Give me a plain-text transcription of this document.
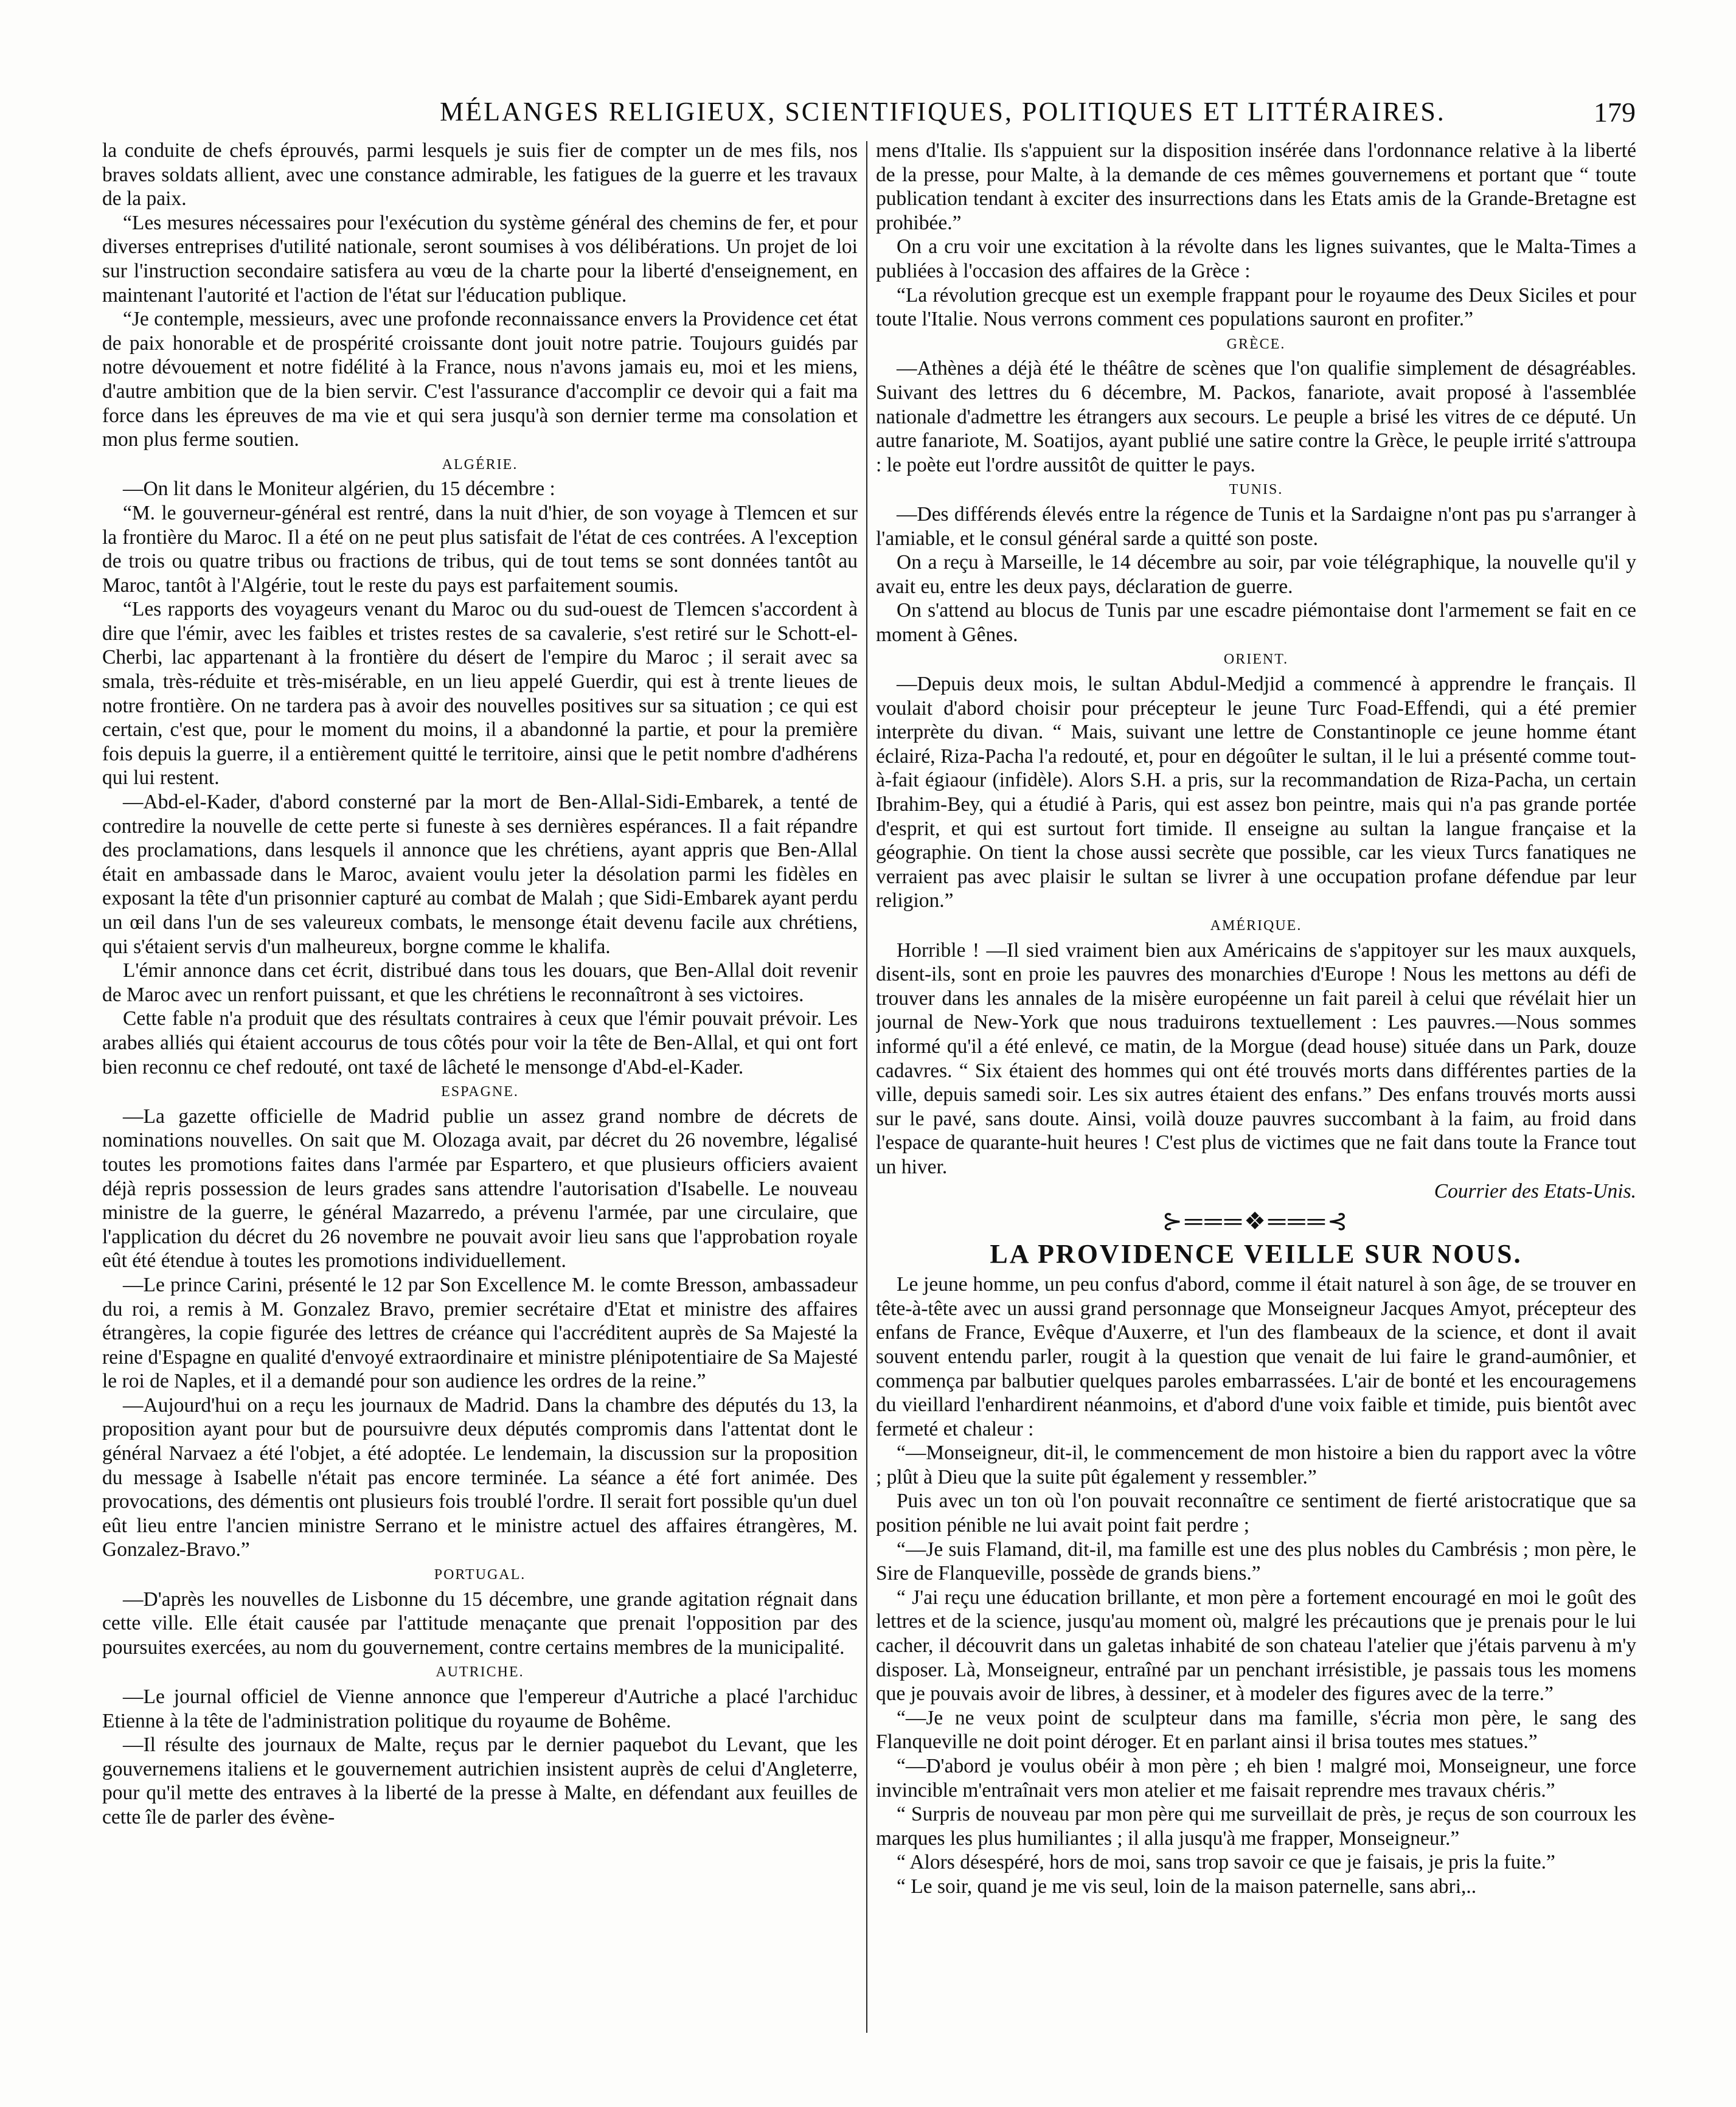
MÉLANGES RELIGIEUX, SCIENTIFIQUES, POLITIQUES ET LITTÉRAIRES.	179

la conduite de chefs éprouvés, parmi lesquels je suis fier de compter un de mes fils, nos braves soldats allient, avec une constance admirable, les fatigues de la guerre et les travaux de la paix.

“Les mesures nécessaires pour l'exécution du système général des chemins de fer, et pour diverses entreprises d'utilité nationale, seront soumises à vos délibérations. Un projet de loi sur l'instruction secondaire satisfera au vœu de la charte pour la liberté d'enseignement, en maintenant l'autorité et l'action de l'état sur l'éducation publique.

“Je contemple, messieurs, avec une profonde reconnaissance envers la Providence cet état de paix honorable et de prospérité croissante dont jouit notre patrie. Toujours guidés par notre dévouement et notre fidélité à la France, nous n'avons jamais eu, moi et les miens, d'autre ambition que de la bien servir. C'est l'assurance d'accomplir ce devoir qui a fait ma force dans les épreuves de ma vie et qui sera jusqu'à son dernier terme ma consolation et mon plus ferme soutien.

ALGÉRIE.

—On lit dans le Moniteur algérien, du 15 décembre :

“M. le gouverneur-général est rentré, dans la nuit d'hier, de son voyage à Tlemcen et sur la frontière du Maroc. Il a été on ne peut plus satisfait de l'état de ces contrées. A l'exception de trois ou quatre tribus ou fractions de tribus, qui de tout tems se sont données tantôt au Maroc, tantôt à l'Algérie, tout le reste du pays est parfaitement soumis.

“Les rapports des voyageurs venant du Maroc ou du sud-ouest de Tlemcen s'accordent à dire que l'émir, avec les faibles et tristes restes de sa cavalerie, s'est retiré sur le Schott-el-Cherbi, lac appartenant à la frontière du désert de l'empire du Maroc ; il serait avec sa smala, très-réduite et très-misérable, en un lieu appelé Guerdir, qui est à trente lieues de notre frontière. On ne tardera pas à avoir des nouvelles positives sur sa situation ; ce qui est certain, c'est que, pour le moment du moins, il a abandonné la partie, et pour la première fois depuis la guerre, il a entièrement quitté le territoire, ainsi que le petit nombre d'adhérens qui lui restent.

—Abd-el-Kader, d'abord consterné par la mort de Ben-Allal-Sidi-Embarek, a tenté de contredire la nouvelle de cette perte si funeste à ses dernières espérances. Il a fait répandre des proclamations, dans lesquels il annonce que les chrétiens, ayant appris que Ben-Allal était en ambassade dans le Maroc, avaient voulu jeter la désolation parmi les fidèles en exposant la tête d'un prisonnier capturé au combat de Malah ; que Sidi-Embarek ayant perdu un œil dans l'un de ses valeureux combats, le mensonge était devenu facile aux chrétiens, qui s'étaient servis d'un malheureux, borgne comme le khalifa.

L'émir annonce dans cet écrit, distribué dans tous les douars, que Ben-Allal doit revenir de Maroc avec un renfort puissant, et que les chrétiens le reconnaîtront à ses victoires.

Cette fable n'a produit que des résultats contraires à ceux que l'émir pouvait prévoir. Les arabes alliés qui étaient accourus de tous côtés pour voir la tête de Ben-Allal, et qui ont fort bien reconnu ce chef redouté, ont taxé de lâcheté le mensonge d'Abd-el-Kader.

ESPAGNE.

—La gazette officielle de Madrid publie un assez grand nombre de décrets de nominations nouvelles. On sait que M. Olozaga avait, par décret du 26 novembre, légalisé toutes les promotions faites dans l'armée par Espartero, et que plusieurs officiers avaient déjà repris possession de leurs grades sans attendre l'autorisation d'Isabelle. Le nouveau ministre de la guerre, le général Mazarredo, a prévenu l'armée, par une circulaire, que l'application du décret du 26 novembre ne pouvait avoir lieu sans que l'approbation royale eût été étendue à toutes les promotions individuellement.

—Le prince Carini, présenté le 12 par Son Excellence M. le comte Bresson, ambassadeur du roi, a remis à M. Gonzalez Bravo, premier secrétaire d'Etat et ministre des affaires étrangères, la copie figurée des lettres de créance qui l'accréditent auprès de Sa Majesté la reine d'Espagne en qualité d'envoyé extraordinaire et ministre plénipotentiaire de Sa Majesté le roi de Naples, et il a demandé pour son audience les ordres de la reine.”

—Aujourd'hui on a reçu les journaux de Madrid. Dans la chambre des députés du 13, la proposition ayant pour but de poursuivre deux députés compromis dans l'attentat dont le général Narvaez a été l'objet, a été adoptée. Le lendemain, la discussion sur la proposition du message à Isabelle n'était pas encore terminée. La séance a été fort animée. Des provocations, des démentis ont plusieurs fois troublé l'ordre. Il serait fort possible qu'un duel eût lieu entre l'ancien ministre Serrano et le ministre actuel des affaires étrangères, M. Gonzalez-Bravo.”

PORTUGAL.

—D'après les nouvelles de Lisbonne du 15 décembre, une grande agitation régnait dans cette ville. Elle était causée par l'attitude menaçante que prenait l'opposition par des poursuites exercées, au nom du gouvernement, contre certains membres de la municipalité.

AUTRICHE.

—Le journal officiel de Vienne annonce que l'empereur d'Autriche a placé l'archiduc Etienne à la tête de l'administration politique du royaume de Bohême.

—Il résulte des journaux de Malte, reçus par le dernier paquebot du Levant, que les gouvernemens italiens et le gouvernement autrichien insistent auprès de celui d'Angleterre, pour qu'il mette des entraves à la liberté de la presse à Malte, en défendant aux feuilles de cette île de parler des évène-

mens d'Italie. Ils s'appuient sur la disposition insérée dans l'ordonnance relative à la liberté de la presse, pour Malte, à la demande de ces mêmes gouvernemens et portant que “ toute publication tendant à exciter des insurrections dans les Etats amis de la Grande-Bretagne est prohibée.”

On a cru voir une excitation à la révolte dans les lignes suivantes, que le Malta-Times a publiées à l'occasion des affaires de la Grèce :

“La révolution grecque est un exemple frappant pour le royaume des Deux Siciles et pour toute l'Italie. Nous verrons comment ces populations sauront en profiter.”

GRÈCE.

—Athènes a déjà été le théâtre de scènes que l'on qualifie simplement de désagréables. Suivant des lettres du 6 décembre, M. Packos, fanariote, avait proposé à l'assemblée nationale d'admettre les étrangers aux secours. Le peuple a brisé les vitres de ce député. Un autre fanariote, M. Soatijos, ayant publié une satire contre la Grèce, le peuple irrité s'attroupa : le poète eut l'ordre aussitôt de quitter le pays.

TUNIS.

—Des différends élevés entre la régence de Tunis et la Sardaigne n'ont pas pu s'arranger à l'amiable, et le consul général sarde a quitté son poste.

On a reçu à Marseille, le 14 décembre au soir, par voie télégraphique, la nouvelle qu'il y avait eu, entre les deux pays, déclaration de guerre.

On s'attend au blocus de Tunis par une escadre piémontaise dont l'armement se fait en ce moment à Gênes.

ORIENT.

—Depuis deux mois, le sultan Abdul-Medjid a commencé à apprendre le français. Il voulait d'abord choisir pour précepteur le jeune Turc Foad-Effendi, qui a été premier interprète du divan. “ Mais, suivant une lettre de Constantinople ce jeune homme étant éclairé, Riza-Pacha l'a redouté, et, pour en dégoûter le sultan, il le lui a présenté comme tout-à-fait égiaour (infidèle). Alors S.H. a pris, sur la recommandation de Riza-Pacha, un certain Ibrahim-Bey, qui a étudié à Paris, qui est assez bon peintre, mais qui n'a pas grande portée d'esprit, et qui est surtout fort timide. Il enseigne au sultan la langue française et la géographie. On tient la chose aussi secrète que possible, car les vieux Turcs fanatiques ne verraient pas avec plaisir le sultan se livrer à une occupation profane défendue par leur religion.”

AMÉRIQUE.

Horrible ! —Il sied vraiment bien aux Américains de s'appitoyer sur les maux auxquels, disent-ils, sont en proie les pauvres des monarchies d'Europe ! Nous les mettons au défi de trouver dans les annales de la misère européenne un fait pareil à celui que révélait hier un journal de New-York que nous traduirons textuellement : Les pauvres.—Nous sommes informé qu'il a été enlevé, ce matin, de la Morgue (dead house) située dans un Park, douze cadavres. “ Six étaient des hommes qui ont été trouvés morts dans différentes parties de la ville, depuis samedi soir. Les six autres étaient des enfans.” Des enfans trouvés morts aussi sur le pavé, sans doute. Ainsi, voilà douze pauvres succombant à la faim, au froid dans l'espace de quarante-huit heures ! C'est plus de victimes que ne fait dans toute la France tout un hiver.

Courrier des Etats-Unis.

⊱═══❖═══⊰
LA PROVIDENCE VEILLE SUR NOUS.

Le jeune homme, un peu confus d'abord, comme il était naturel à son âge, de se trouver en tête-à-tête avec un aussi grand personnage que Monseigneur Jacques Amyot, précepteur des enfans de France, Evêque d'Auxerre, et l'un des flambeaux de la science, et dont il avait souvent entendu parler, rougit à la question que venait de lui faire le grand-aumônier, et commença par balbutier quelques paroles embarrassées. L'air de bonté et les encouragemens du vieillard l'enhardirent néanmoins, et d'abord d'une voix faible et timide, puis bientôt avec fermeté et chaleur :

“—Monseigneur, dit-il, le commencement de mon histoire a bien du rapport avec la vôtre ; plût à Dieu que la suite pût également y ressembler.”

Puis avec un ton où l'on pouvait reconnaître ce sentiment de fierté aristocratique que sa position pénible ne lui avait point fait perdre ;

“—Je suis Flamand, dit-il, ma famille est une des plus nobles du Cambrésis ; mon père, le Sire de Flanqueville, possède de grands biens.”

“ J'ai reçu une éducation brillante, et mon père a fortement encouragé en moi le goût des lettres et de la science, jusqu'au moment où, malgré les précautions que je prenais pour le lui cacher, il découvrit dans un galetas inhabité de son chateau l'atelier que j'étais parvenu à m'y disposer. Là, Monseigneur, entraîné par un penchant irrésistible, je passais tous les momens que je pouvais avoir de libres, à dessiner, et à modeler des figures avec de la terre.”

“—Je ne veux point de sculpteur dans ma famille, s'écria mon père, le sang des Flanqueville ne doit point déroger. Et en parlant ainsi il brisa toutes mes statues.”

“—D'abord je voulus obéir à mon père ; eh bien ! malgré moi, Monseigneur, une force invincible m'entraînait vers mon atelier et me faisait reprendre mes travaux chéris.”

“ Surpris de nouveau par mon père qui me surveillait de près, je reçus de son courroux les marques les plus humiliantes ; il alla jusqu'à me frapper, Monseigneur.”

“ Alors désespéré, hors de moi, sans trop savoir ce que je faisais, je pris la fuite.”

“ Le soir, quand je me vis seul, loin de la maison paternelle, sans abri,..
